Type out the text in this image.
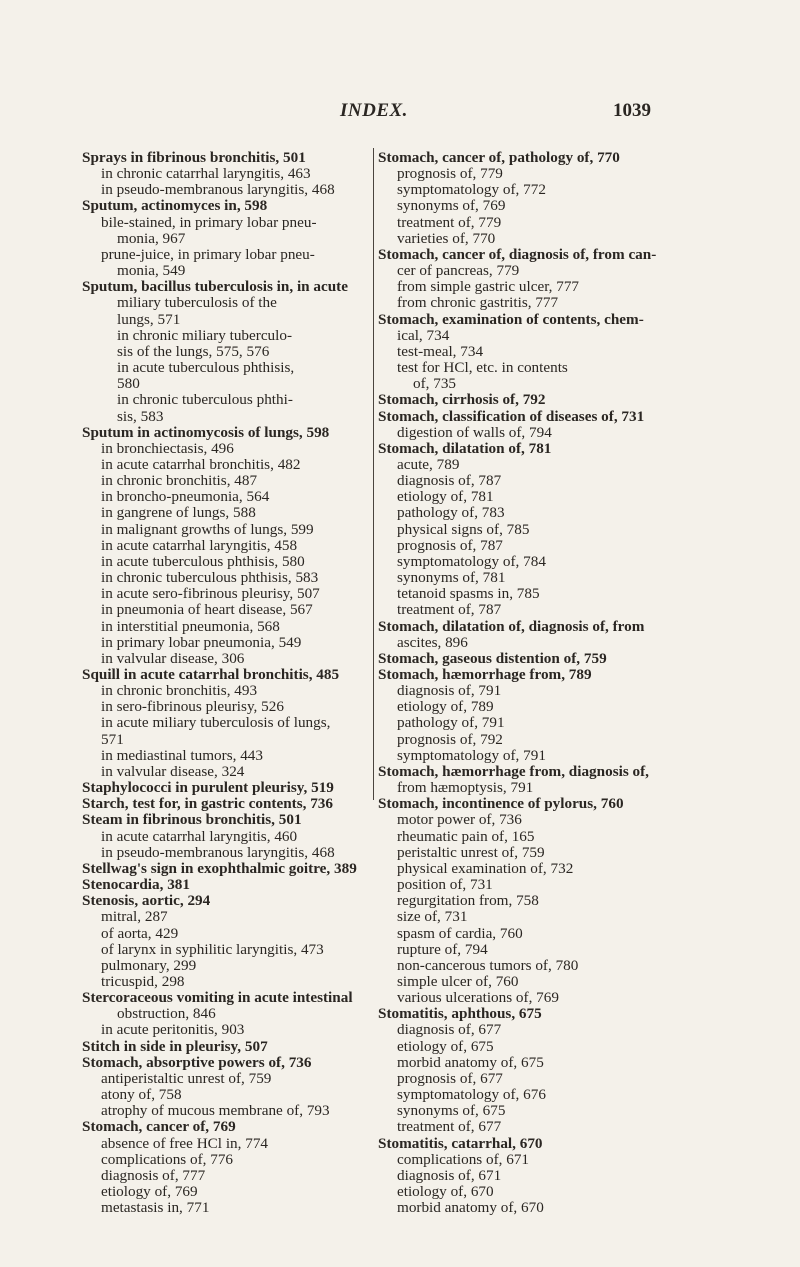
INDEX.	1039
Sprays in fibrinous bronchitis, 501
in chronic catarrhal laryngitis, 463
in pseudo-membranous laryngitis, 468
Sputum, actinomyces in, 598
bile-stained, in primary lobar pneu-
monia, 967
prune-juice, in primary lobar pneu-
monia, 549
Sputum, bacillus tuberculosis in, in acute
miliary tuberculosis of the
lungs, 571
in chronic miliary tuberculo-
sis of the lungs, 575, 576
in acute tuberculous phthisis,
580
in chronic tuberculous phthi-
sis, 583
Sputum in actinomycosis of lungs, 598
in bronchiectasis, 496
in acute catarrhal bronchitis, 482
in chronic bronchitis, 487
in broncho-pneumonia, 564
in gangrene of lungs, 588
in malignant growths of lungs, 599
in acute catarrhal laryngitis, 458
in acute tuberculous phthisis, 580
in chronic tuberculous phthisis, 583
in acute sero-fibrinous pleurisy, 507
in pneumonia of heart disease, 567
in interstitial pneumonia, 568
in primary lobar pneumonia, 549
in valvular disease, 306
Squill in acute catarrhal bronchitis, 485
in chronic bronchitis, 493
in sero-fibrinous pleurisy, 526
in acute miliary tuberculosis of lungs,
571
in mediastinal tumors, 443
in valvular disease, 324
Staphylococci in purulent pleurisy, 519
Starch, test for, in gastric contents, 736
Steam in fibrinous bronchitis, 501
in acute catarrhal laryngitis, 460
in pseudo-membranous laryngitis, 468
Stellwag's sign in exophthalmic goitre, 389
Stenocardia, 381
Stenosis, aortic, 294
mitral, 287
of aorta, 429
of larynx in syphilitic laryngitis, 473
pulmonary, 299
tricuspid, 298
Stercoraceous vomiting in acute intestinal
obstruction, 846
in acute peritonitis, 903
Stitch in side in pleurisy, 507
Stomach, absorptive powers of, 736
antiperistaltic unrest of, 759
atony of, 758
atrophy of mucous membrane of, 793
Stomach, cancer of, 769
absence of free HCl in, 774
complications of, 776
diagnosis of, 777
etiology of, 769
metastasis in, 771
Stomach, cancer of, pathology of, 770
prognosis of, 779
symptomatology of, 772
synonyms of, 769
treatment of, 779
varieties of, 770
Stomach, cancer of, diagnosis of, from can-
cer of pancreas, 779
from simple gastric ulcer, 777
from chronic gastritis, 777
Stomach, examination of contents, chem-
ical, 734
test-meal, 734
test for HCl, etc. in contents
of, 735
Stomach, cirrhosis of, 792
Stomach, classification of diseases of, 731
digestion of walls of, 794
Stomach, dilatation of, 781
acute, 789
diagnosis of, 787
etiology of, 781
pathology of, 783
physical signs of, 785
prognosis of, 787
symptomatology of, 784
synonyms of, 781
tetanoid spasms in, 785
treatment of, 787
Stomach, dilatation of, diagnosis of, from
ascites, 896
Stomach, gaseous distention of, 759
Stomach, hæmorrhage from, 789
diagnosis of, 791
etiology of, 789
pathology of, 791
prognosis of, 792
symptomatology of, 791
Stomach, hæmorrhage from, diagnosis of,
from hæmoptysis, 791
Stomach, incontinence of pylorus, 760
motor power of, 736
rheumatic pain of, 165
peristaltic unrest of, 759
physical examination of, 732
position of, 731
regurgitation from, 758
size of, 731
spasm of cardia, 760
rupture of, 794
non-cancerous tumors of, 780
simple ulcer of, 760
various ulcerations of, 769
Stomatitis, aphthous, 675
diagnosis of, 677
etiology of, 675
morbid anatomy of, 675
prognosis of, 677
symptomatology of, 676
synonyms of, 675
treatment of, 677
Stomatitis, catarrhal, 670
complications of, 671
diagnosis of, 671
etiology of, 670
morbid anatomy of, 670
